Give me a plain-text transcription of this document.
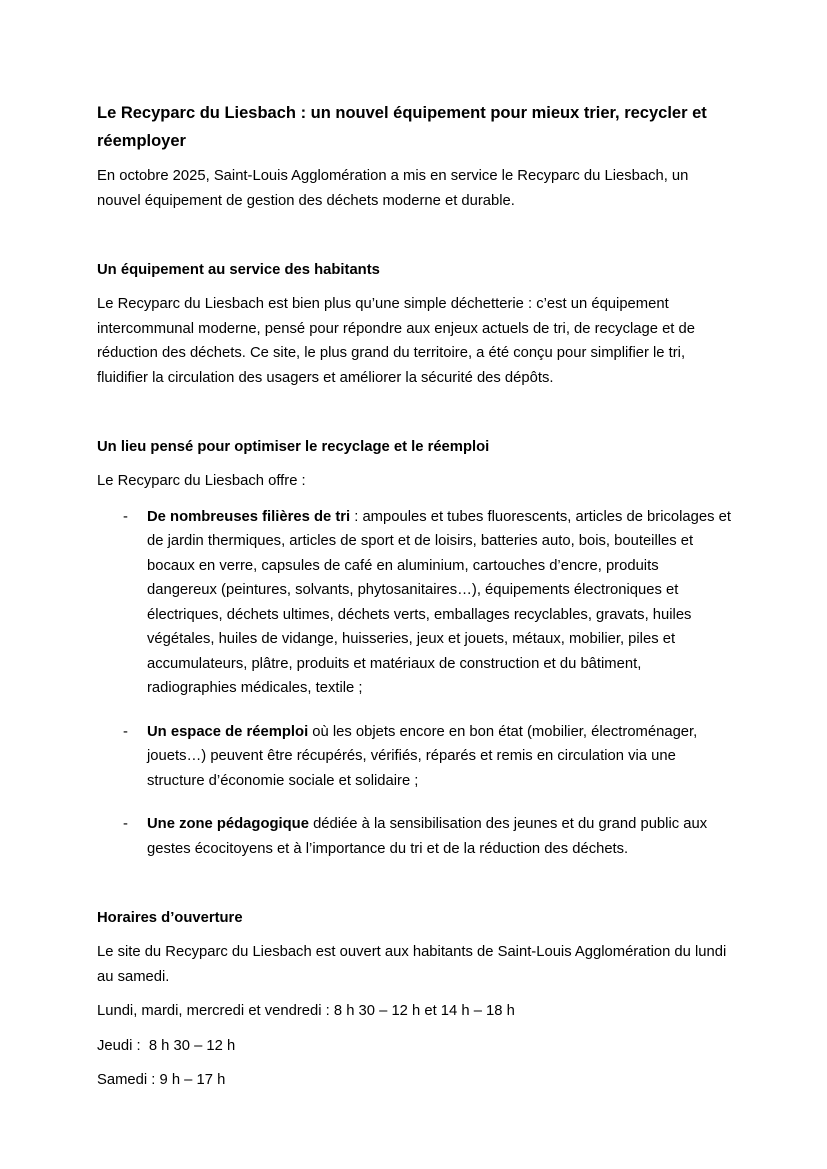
Le Recyparc du Liesbach : un nouvel équipement pour mieux trier, recycler et réemployer

En octobre 2025, Saint-Louis Agglomération a mis en service le Recyparc du Liesbach, un nouvel équipement de gestion des déchets moderne et durable.

Un équipement au service des habitants

Le Recyparc du Liesbach est bien plus qu’une simple déchetterie : c’est un équipement intercommunal moderne, pensé pour répondre aux enjeux actuels de tri, de recyclage et de réduction des déchets. Ce site, le plus grand du territoire, a été conçu pour simplifier le tri, fluidifier la circulation des usagers et améliorer la sécurité des dépôts.

Un lieu pensé pour optimiser le recyclage et le réemploi

Le Recyparc du Liesbach offre :

-	De nombreuses filières de tri : ampoules et tubes fluorescents, articles de bricolages et de jardin thermiques, articles de sport et de loisirs, batteries auto, bois, bouteilles et bocaux en verre, capsules de café en aluminium, cartouches d’encre, produits dangereux (peintures, solvants, phytosanitaires…), équipements électroniques et électriques, déchets ultimes, déchets verts, emballages recyclables, gravats, huiles végétales, huiles de vidange, huisseries, jeux et jouets, métaux, mobilier, piles et accumulateurs, plâtre, produits et matériaux de construction et du bâtiment, radiographies médicales, textile ;
-	Un espace de réemploi où les objets encore en bon état (mobilier, électroménager, jouets…) peuvent être récupérés, vérifiés, réparés et remis en circulation via une structure d’économie sociale et solidaire ;
-	Une zone pédagogique dédiée à la sensibilisation des jeunes et du grand public aux gestes écocitoyens et à l’importance du tri et de la réduction des déchets.
Horaires d’ouverture

Le site du Recyparc du Liesbach est ouvert aux habitants de Saint-Louis Agglomération du lundi au samedi.

Lundi, mardi, mercredi et vendredi : 8 h 30 – 12 h et 14 h – 18 h

Jeudi :  8 h 30 – 12 h

Samedi : 9 h – 17 h
